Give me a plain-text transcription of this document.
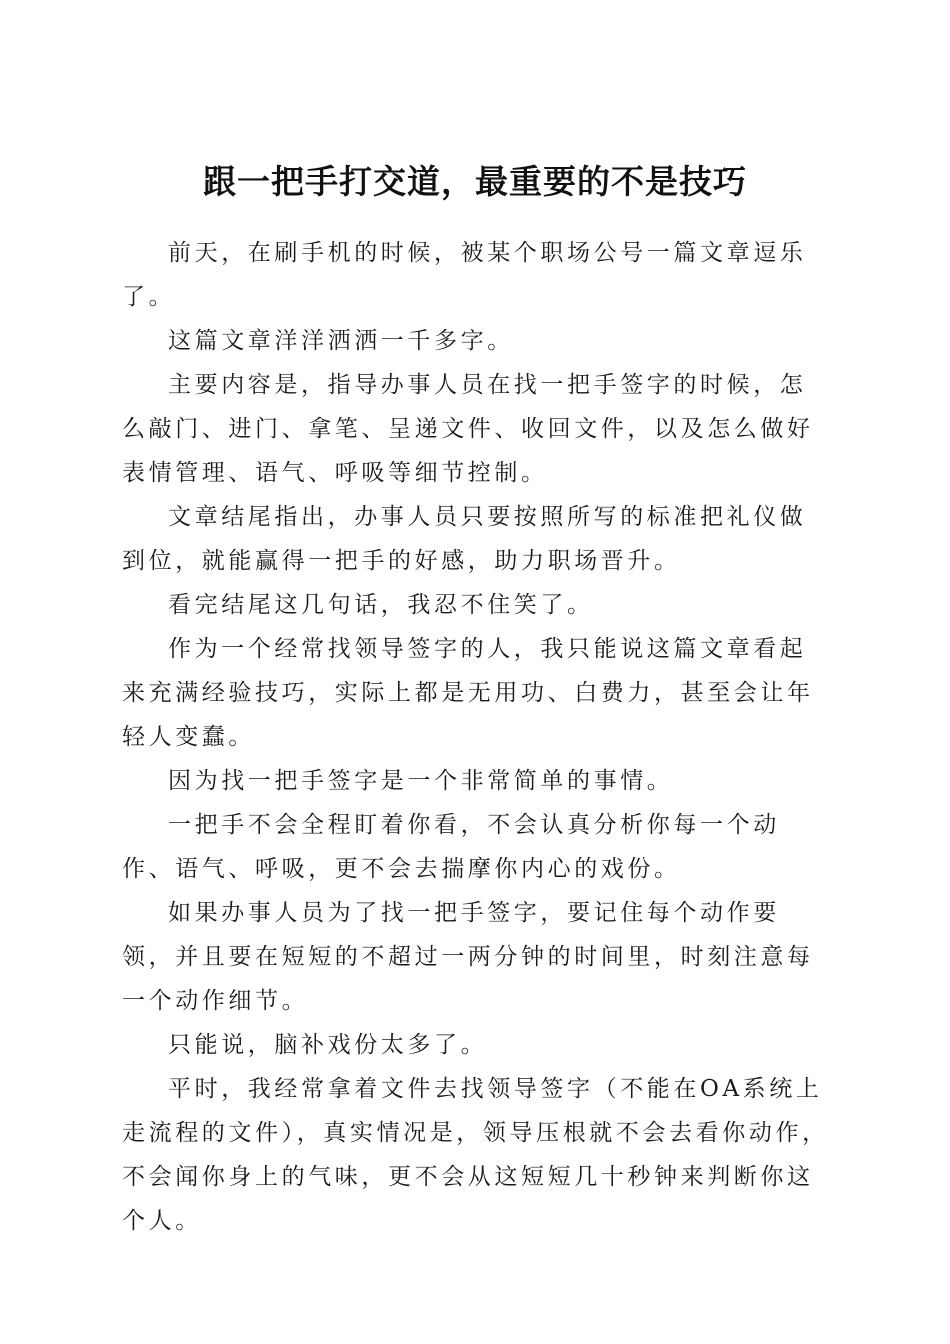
跟一把手打交道，最重要的不是技巧

前天，在刷手机的时候，被某个职场公号一篇文章逗乐了。

这篇文章洋洋洒洒一千多字。

主要内容是，指导办事人员在找一把手签字的时候，怎么敲门、进门、拿笔、呈递文件、收回文件，以及怎么做好表情管理、语气、呼吸等细节控制。

文章结尾指出，办事人员只要按照所写的标准把礼仪做到位，就能赢得一把手的好感，助力职场晋升。

看完结尾这几句话，我忍不住笑了。

作为一个经常找领导签字的人，我只能说这篇文章看起来充满经验技巧，实际上都是无用功、白费力，甚至会让年轻人变蠢。

因为找一把手签字是一个非常简单的事情。

一把手不会全程盯着你看，不会认真分析你每一个动作、语气、呼吸，更不会去揣摩你内心的戏份。

如果办事人员为了找一把手签字，要记住每个动作要领，并且要在短短的不超过一两分钟的时间里，时刻注意每一个动作细节。

只能说，脑补戏份太多了。

平时，我经常拿着文件去找领导签字（不能在OA系统上走流程的文件），真实情况是，领导压根就不会去看你动作，不会闻你身上的气味，更不会从这短短几十秒钟来判断你这个人。
